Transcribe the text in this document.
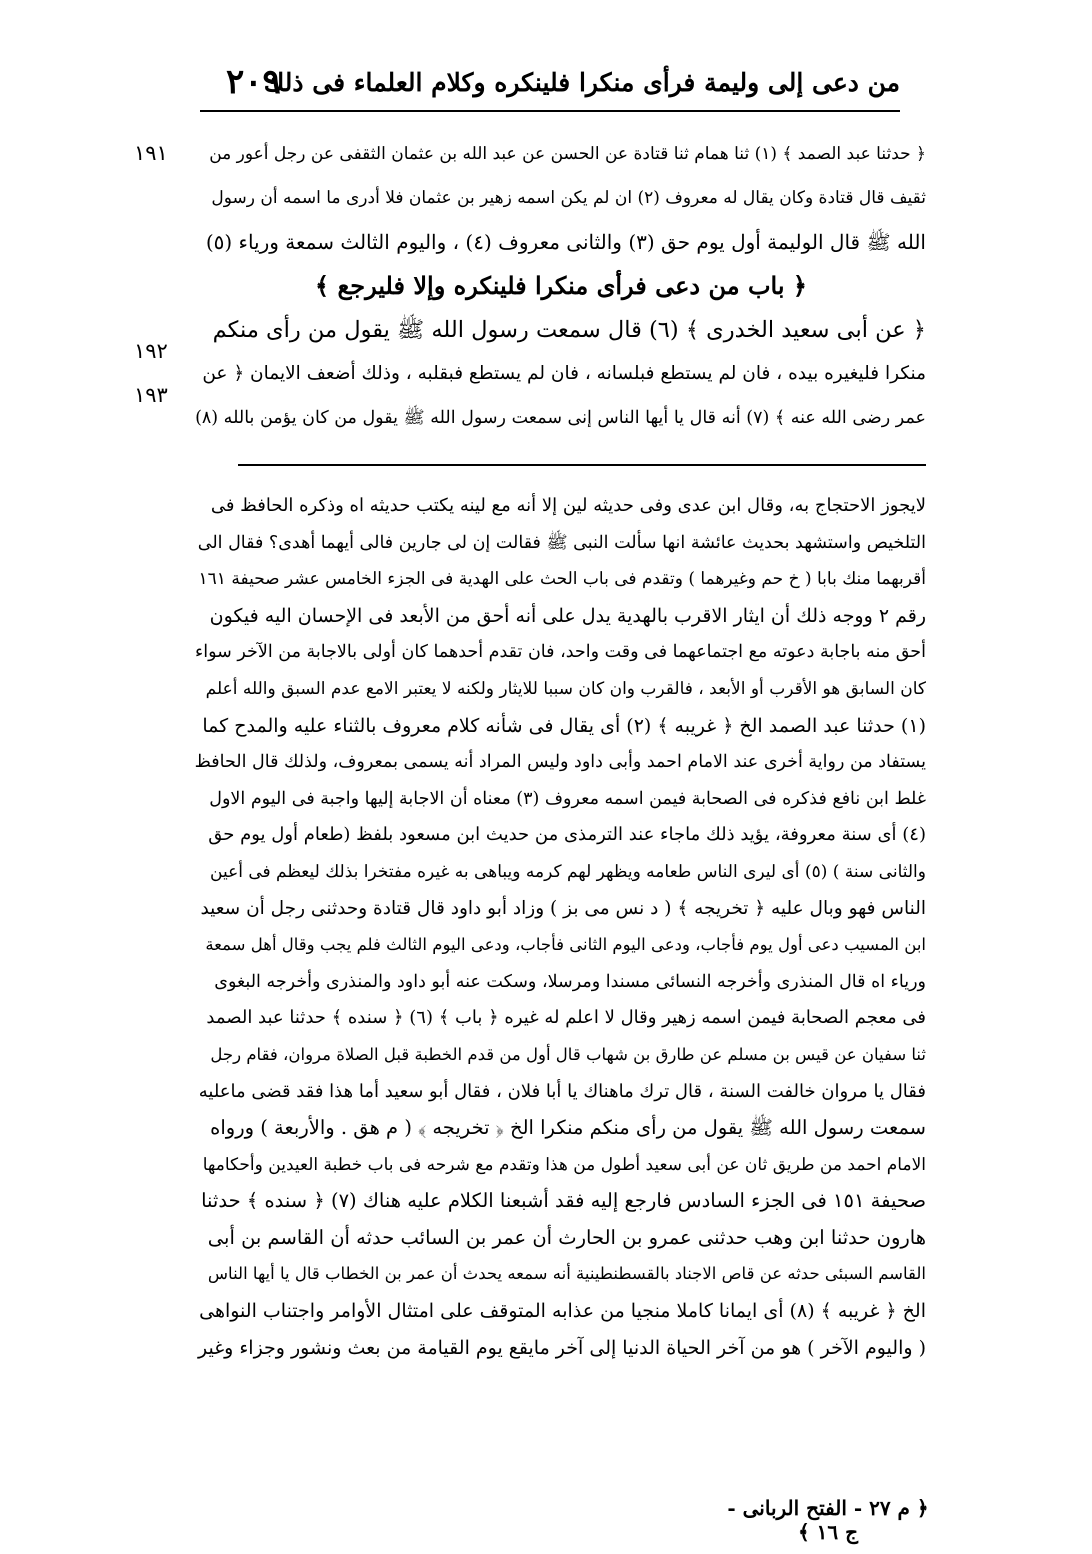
٢٠٩
من دعى إلى وليمة فرأى منكرا فلينكره وكلام العلماء فى ذلك
١٩١
١٩٢
١٩٣
﴿ حدثنا عبد الصمد ﴾ (١) ثنا همام ثنا قتادة عن الحسن عن عبد الله بن عثمان الثقفى عن رجل أعور من
ثقيف قال قتادة وكان يقال له معروف (٢) ان لم يكن اسمه زهير بن عثمان فلا أدرى ما اسمه أن رسول
الله ﷺ قال الوليمة أول يوم حق (٣) والثانى معروف (٤) ، واليوم الثالث سمعة ورياء (٥)
﴿ باب من دعى فرأى منكرا فلينكره وإلا فليرجع ﴾
﴿ عن أبى سعيد الخدرى ﴾ (٦) قال سمعت رسول الله ﷺ يقول من رأى منكم
منكرا فليغيره بيده ، فان لم يستطع فبلسانه ، فان لم يستطع فبقلبه ، وذلك أضعف الايمان ﴿ عن
عمر رضى الله عنه ﴾ (٧) أنه قال يا أيها الناس إنى سمعت رسول الله ﷺ يقول من كان يؤمن بالله (٨)
لايجوز الاحتجاج به، وقال ابن عدى وفى حديثه لين إلا أنه مع لينه يكتب حديثه اه وذكره الحافظ فى
التلخيص واستشهد بحديث عائشة انها سألت النبى ﷺ فقالت إن لى جارين فالى أيهما أهدى؟ فقال الى
أقربهما منك بابا ( خ حم وغيرهما ) وتقدم فى باب الحث على الهدية فى الجزء الخامس عشر صحيفة ١٦١
رقم ٢ ووجه ذلك أن ايثار الاقرب بالهدية يدل على أنه أحق من الأبعد فى الإحسان اليه فيكون
أحق منه باجابة دعوته مع اجتماعهما فى وقت واحد، فان تقدم أحدهما كان أولى بالاجابة من الآخر سواء
كان السابق هو الأقرب أو الأبعد ، فالقرب وان كان سببا للايثار ولكنه لا يعتبر الامع عدم السبق والله أعلم
(١) حدثنا عبد الصمد الخ ﴿ غريبه ﴾ (٢) أى يقال فى شأنه كلام معروف بالثناء عليه والمدح كما
يستفاد من رواية أخرى عند الامام احمد وأبى داود وليس المراد أنه يسمى بمعروف، ولذلك قال الحافظ
غلط ابن نافع فذكره فى الصحابة فيمن اسمه معروف (٣) معناه أن الاجابة إليها واجبة فى اليوم الاول
(٤) أى سنة معروفة، يؤيد ذلك ماجاء عند الترمذى من حديث ابن مسعود بلفظ (طعام أول يوم حق
والثانى سنة ) (٥) أى ليرى الناس طعامه ويظهر لهم كرمه ويباهى به غيره مفتخرا بذلك ليعظم فى أعين
الناس فهو وبال عليه ﴿ تخريجه ﴾ ( د نس مى بز ) وزاد أبو داود قال قتادة وحدثنى رجل أن سعيد
ابن المسيب دعى أول يوم فأجاب، ودعى اليوم الثانى فأجاب، ودعى اليوم الثالث فلم يجب وقال أهل سمعة
ورياء اه قال المنذرى وأخرجه النسائى مسندا ومرسلا، وسكت عنه أبو داود والمنذرى وأخرجه البغوى
فى معجم الصحابة فيمن اسمه زهير وقال لا اعلم له غيره ﴿ باب ﴾ (٦) ﴿ سنده ﴾ حدثنا عبد الصمد
ثنا سفيان عن قيس بن مسلم عن طارق بن شهاب قال أول من قدم الخطبة قبل الصلاة مروان، فقام رجل
فقال يا مروان خالفت السنة ، قال ترك ماهناك يا أبا فلان ، فقال أبو سعيد أما هذا فقد قضى ماعليه
سمعت رسول الله ﷺ يقول من رأى منكم منكرا الخ ﴿ تخريجه ﴾ ( م هق . والأربعة ) ورواه
الامام احمد من طريق ثان عن أبى سعيد أطول من هذا وتقدم مع شرحه فى باب خطبة العيدين وأحكامها
صحيفة ١٥١ فى الجزء السادس فارجع إليه فقد أشبعنا الكلام عليه هناك (٧) ﴿ سنده ﴾ حدثنا
هارون حدثنا ابن وهب حدثنى عمرو بن الحارث أن عمر بن السائب حدثه أن القاسم بن أبى
القاسم السبئى حدثه عن قاص الاجناد بالقسطنطينية أنه سمعه يحدث أن عمر بن الخطاب قال يا أيها الناس
الخ ﴿ غريبه ﴾ (٨) أى ايمانا كاملا منجيا من عذابه المتوقف على امتثال الأوامر واجتناب النواهى
( واليوم الآخر ) هو من آخر الحياة الدنيا إلى آخر مايقع يوم القيامة من بعث ونشور وجزاء وغير
﴿ م ٢٧ - الفتح الربانى - ج ١٦ ﴾
